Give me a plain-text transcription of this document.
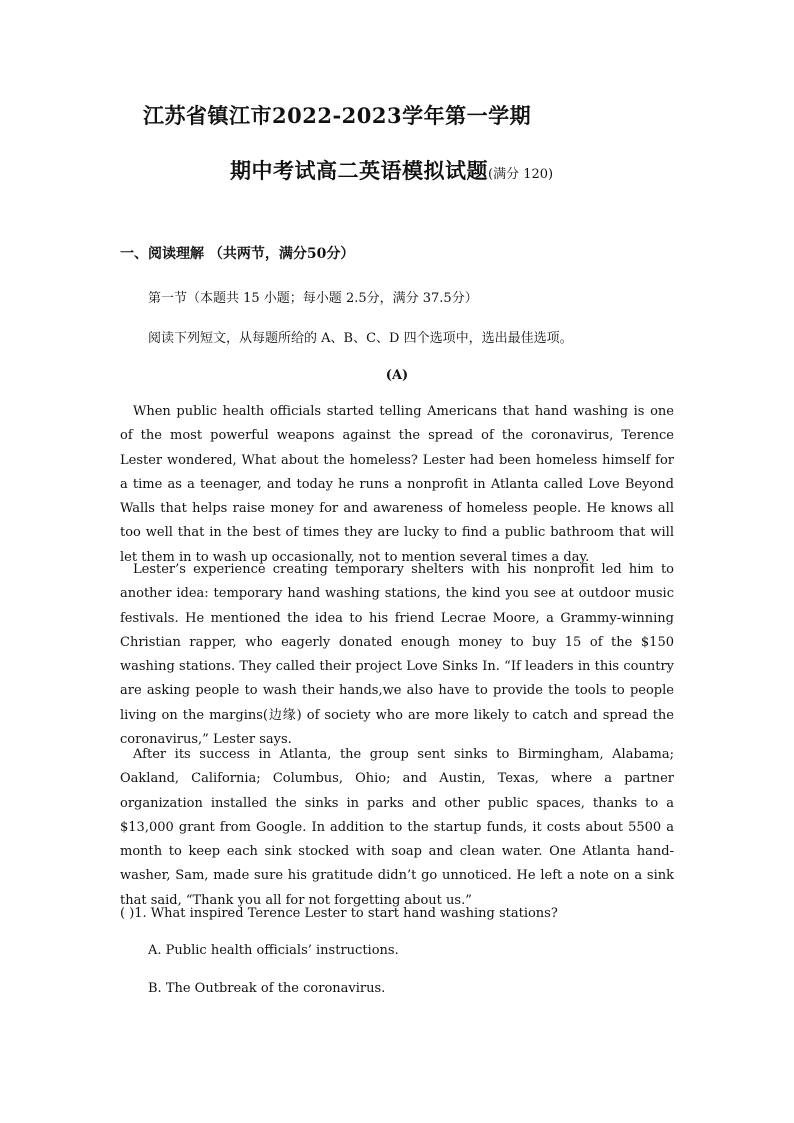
江苏省镇江市2022-2023学年第一学期
期中考试高二英语模拟试题(满分 120)
一、阅读理解 （共两节，满分50分）
第一节（本题共 15 小题；每小题 2.5分，满分 37.5分）
阅读下列短文，从每题所给的 A、B、C、D 四个选项中，选出最佳选项。
(A)
When public health officials started telling Americans that hand washing is one of the most powerful weapons against the spread of the coronavirus, Terence Lester wondered, What about the homeless? Lester had been homeless himself for a time as a teenager, and today he runs a nonprofit in Atlanta called Love Beyond Walls that helps raise money for and awareness of homeless people. He knows all too well that in the best of times they are lucky to find a public bathroom that will let them in to wash up occasionally, not to mention several times a day.
Lester’s experience creating temporary shelters with his nonprofit led him to another idea: temporary hand washing stations, the kind you see at outdoor music festivals. He mentioned the idea to his friend Lecrae Moore, a Grammy-winning Christian rapper, who eagerly donated enough money to buy 15 of the $150 washing stations. They called their project Love Sinks In. “If leaders in this country are asking people to wash their hands,we also have to provide the tools to people living on the margins(边缘) of society who are more likely to catch and spread the coronavirus,” Lester says.
After its success in Atlanta, the group sent sinks to Birmingham, Alabama; Oakland, California; Columbus, Ohio; and Austin, Texas, where a partner organization installed the sinks in parks and other public spaces, thanks to a $13,000 grant from Google. In addition to the startup funds, it costs about 5500 a month to keep each sink stocked with soap and clean water. One Atlanta hand-washer, Sam, made sure his gratitude didn’t go unnoticed. He left a note on a sink that said, “Thank you all for not forgetting about us.”
( )1. What inspired Terence Lester to start hand washing stations?
A. Public health officials’ instructions.
B. The Outbreak of the coronavirus.
